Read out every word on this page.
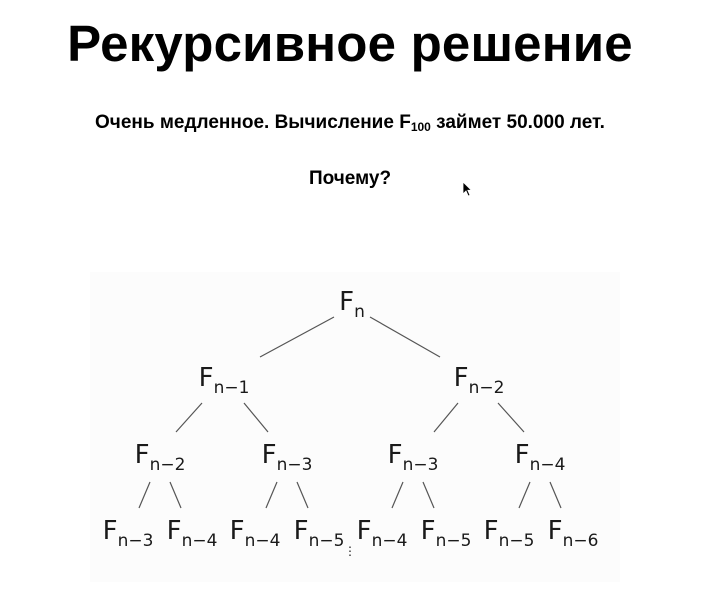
Рекурсивное решение
Очень медленное. Вычисление $F_{100}$ займет 50.000 лет.
Почему?
$F_n$
$F_{n-1}$	$F_{n-2}$
$F_{n-2}$	$F_{n-3}$	$F_{n-3}$	$F_{n-4}$
$F_{n-3}$ $F_{n-4}$ $F_{n-4}$ $F_{n-5}$ $F_{n-4}$ $F_{n-5}$ $F_{n-5}$ $F_{n-6}$
⋮
